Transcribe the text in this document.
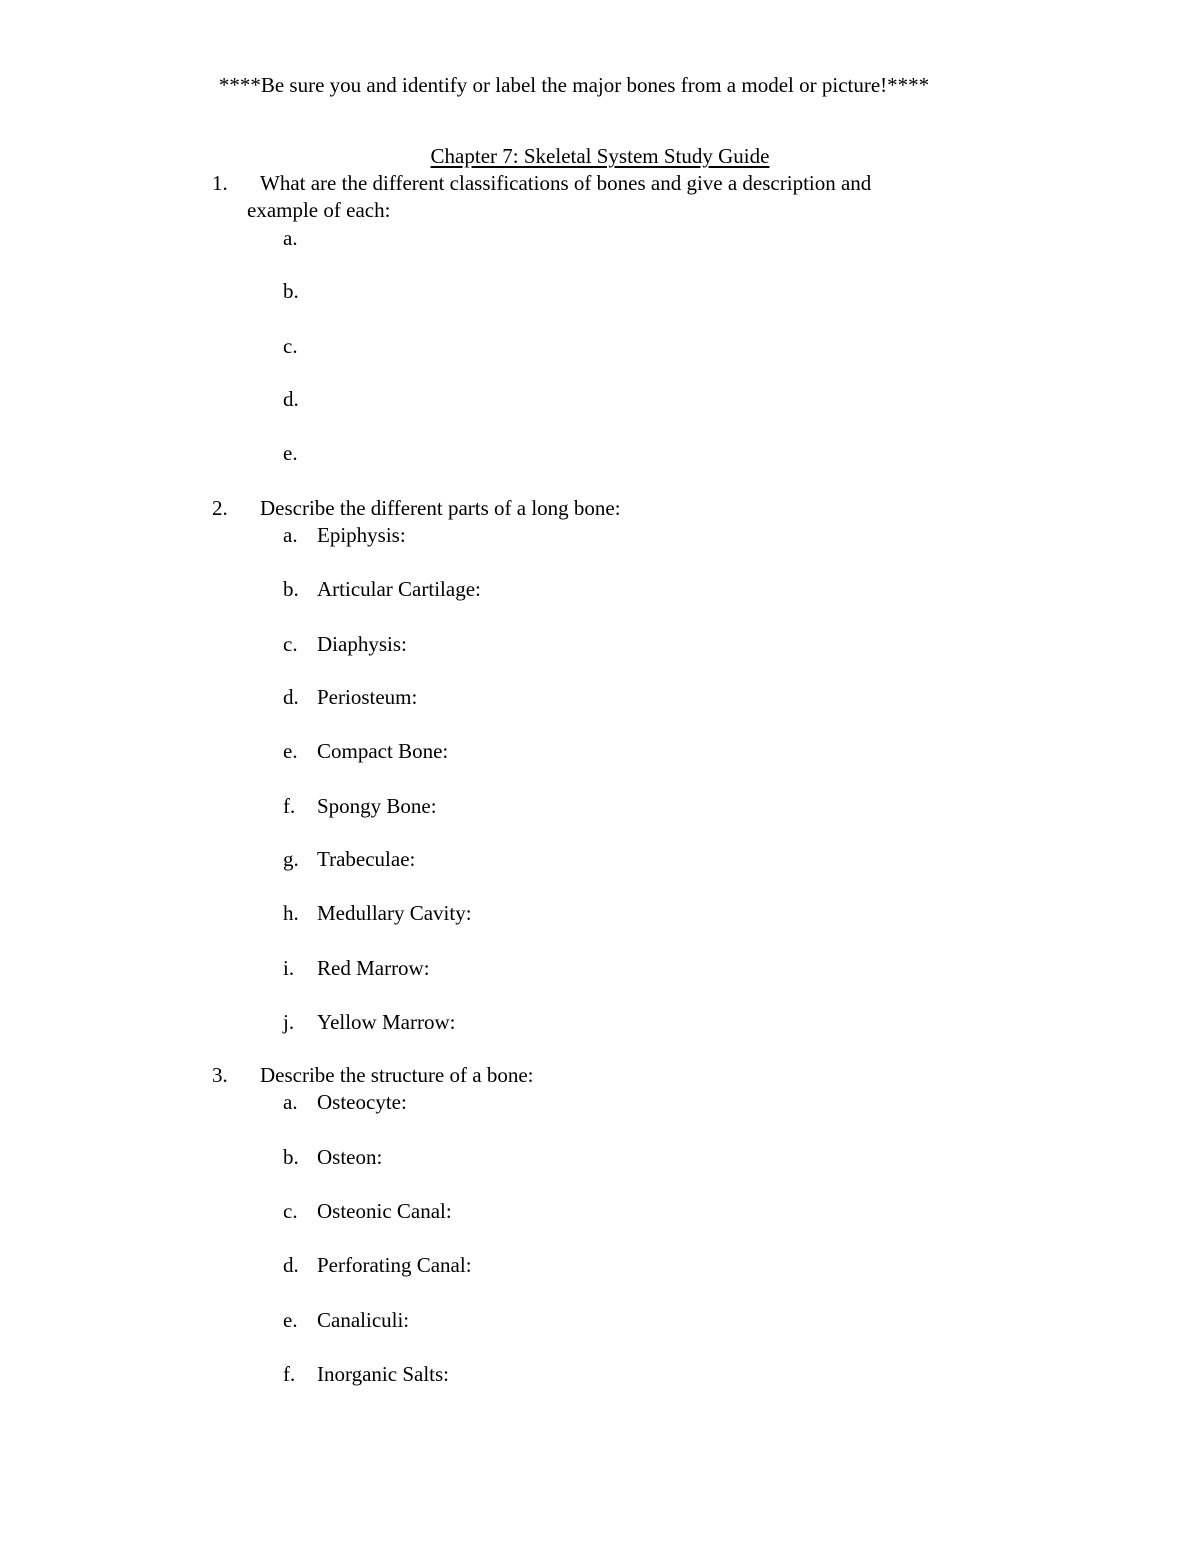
****Be sure you and identify or label the major bones from a model or picture!****
Chapter 7: Skeletal System Study Guide
1. What are the different classifications of bones and give a description and
example of each:
a.
b.
c.
d.
e.
2. Describe the different parts of a long bone:
a. Epiphysis:
b. Articular Cartilage:
c. Diaphysis:
d. Periosteum:
e. Compact Bone:
f. Spongy Bone:
g. Trabeculae:
h. Medullary Cavity:
i. Red Marrow:
j. Yellow Marrow:
3. Describe the structure of a bone:
a. Osteocyte:
b. Osteon:
c. Osteonic Canal:
d. Perforating Canal:
e. Canaliculi:
f. Inorganic Salts:
